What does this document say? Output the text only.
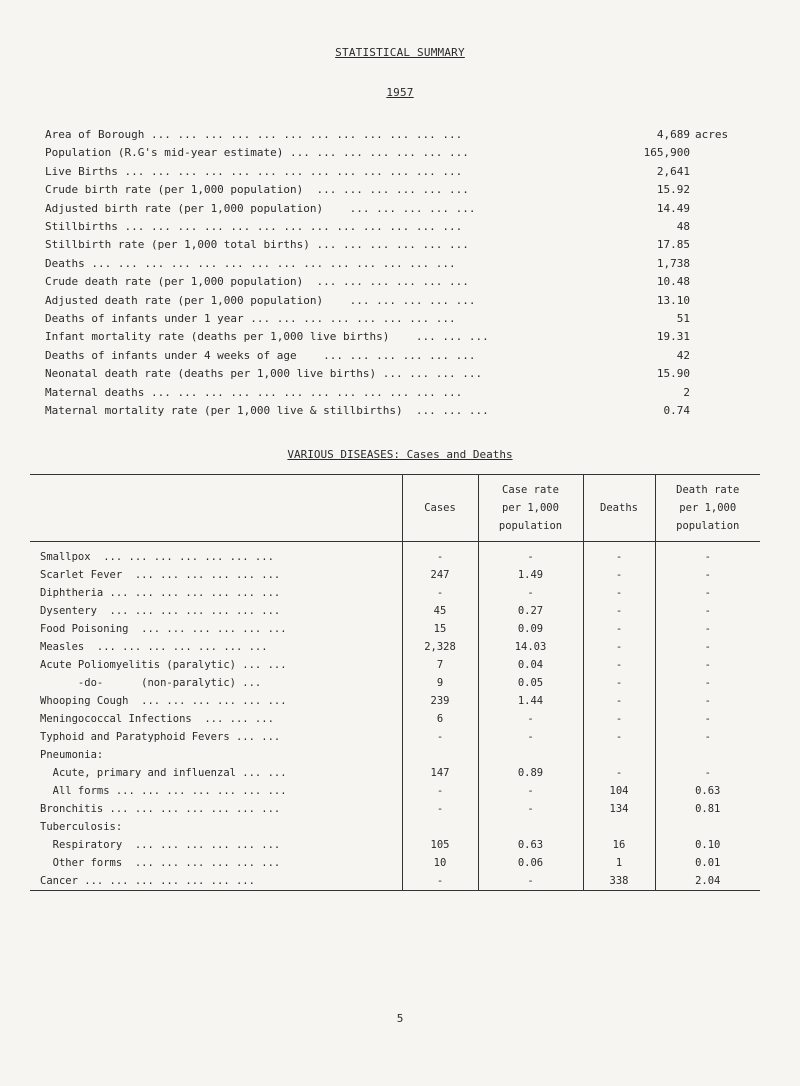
STATISTICAL SUMMARY
1957
Area of Borough ... ... ... ... ... ... ... ... ... ... ... ...	4,689 acres
Population (R.G's mid-year estimate) ... ... ... ... ... ... ...	165,900
Live Births ... ... ... ... ... ... ... ... ... ... ... ... ...	2,641
Crude birth rate (per 1,000 population)  ... ... ... ... ... ...	15.92
Adjusted birth rate (per 1,000 population)    ... ... ... ... ...	14.49
Stillbirths ... ... ... ... ... ... ... ... ... ... ... ... ...	48
Stillbirth rate (per 1,000 total births) ... ... ... ... ... ...	17.85
Deaths ... ... ... ... ... ... ... ... ... ... ... ... ... ...	1,738
Crude death rate (per 1,000 population)  ... ... ... ... ... ...	10.48
Adjusted death rate (per 1,000 population)    ... ... ... ... ...	13.10
Deaths of infants under 1 year ... ... ... ... ... ... ... ...	51
Infant mortality rate (deaths per 1,000 live births)    ... ... ...	19.31
Deaths of infants under 4 weeks of age    ... ... ... ... ... ...	42
Neonatal death rate (deaths per 1,000 live births) ... ... ... ...	15.90
Maternal deaths ... ... ... ... ... ... ... ... ... ... ... ...	2
Maternal mortality rate (per 1,000 live & stillbirths)  ... ... ...	0.74
VARIOUS DISEASES: Cases and Deaths
	Cases	Case rate
per 1,000
population	Deaths	Death rate
per 1,000
population
Smallpox  ... ... ... ... ... ... ...	-	-	-	-
Scarlet Fever  ... ... ... ... ... ...	247	1.49	-	-
Diphtheria ... ... ... ... ... ... ...	-	-	-	-
Dysentery  ... ... ... ... ... ... ...	45	0.27	-	-
Food Poisoning  ... ... ... ... ... ...	15	0.09	-	-
Measles  ... ... ... ... ... ... ...	2,328	14.03	-	-
Acute Poliomyelitis (paralytic) ... ...	7	0.04	-	-
-do-      (non-paralytic) ...	9	0.05	-	-
Whooping Cough  ... ... ... ... ... ...	239	1.44	-	-
Meningococcal Infections  ... ... ...	6	-	-	-
Typhoid and Paratyphoid Fevers ... ...	-	-	-	-
Pneumonia:				
Acute, primary and influenzal ... ...	147	0.89	-	-
All forms ... ... ... ... ... ... ...	-	-	104	0.63
Bronchitis ... ... ... ... ... ... ...	-	-	134	0.81
Tuberculosis:				
Respiratory  ... ... ... ... ... ...	105	0.63	16	0.10
Other forms  ... ... ... ... ... ...	10	0.06	1	0.01
Cancer ... ... ... ... ... ... ...	-	-	338	2.04
5
